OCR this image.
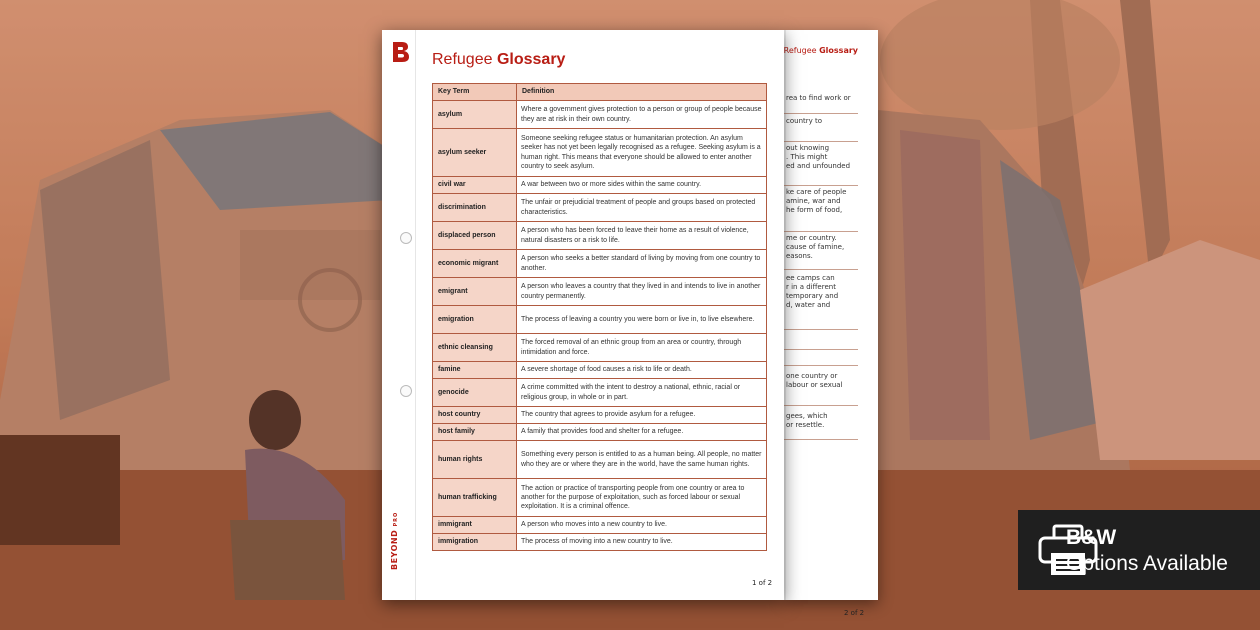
Refugee Glossary
rea to find work or
country to
out knowing
. This might
ed and unfounded
ke care of people
amine, war and
he form of food,
me or country.
cause of famine,
easons.
ee camps can
r in a different
temporary and
d, water and
one country or
labour or sexual
gees, which
or resettle.
2 of 2
BEYOND PRO
Refugee Glossary
Key Term	Definition
asylum	Where a government gives protection to a person or group of people because they are at risk in their own country.
asylum seeker	Someone seeking refugee status or humanitarian protection. An asylum seeker has not yet been legally recognised as a refugee. Seeking asylum is a human right. This means that everyone should be allowed to enter another country to seek asylum.
civil war	A war between two or more sides within the same country.
discrimination	The unfair or prejudicial treatment of people and groups based on protected characteristics.
displaced person	A person who has been forced to leave their home as a result of violence, natural disasters or a risk to life.
economic migrant	A person who seeks a better standard of living by moving from one country to another.
emigrant	A person who leaves a country that they lived in and intends to live in another country permanently.
emigration	The process of leaving a country you were born or live in, to live elsewhere.
ethnic cleansing	The forced removal of an ethnic group from an area or country, through intimidation and force.
famine	A severe shortage of food causes a risk to life or death.
genocide	A crime committed with the intent to destroy a national, ethnic, racial or religious group, in whole or in part.
host country	The country that agrees to provide asylum for a refugee.
host family	A family that provides food and shelter for a refugee.
human rights	Something every person is entitled to as a human being. All people, no matter who they are or where they are in the world, have the same human rights.
human trafficking	The action or practice of transporting people from one country or area to another for the purpose of exploitation, such as forced labour or sexual exploitation. It is a criminal offence.
immigrant	A person who moves into a new country to live.
immigration	The process of moving into a new country to live.
1 of 2
B&W
Options Available
